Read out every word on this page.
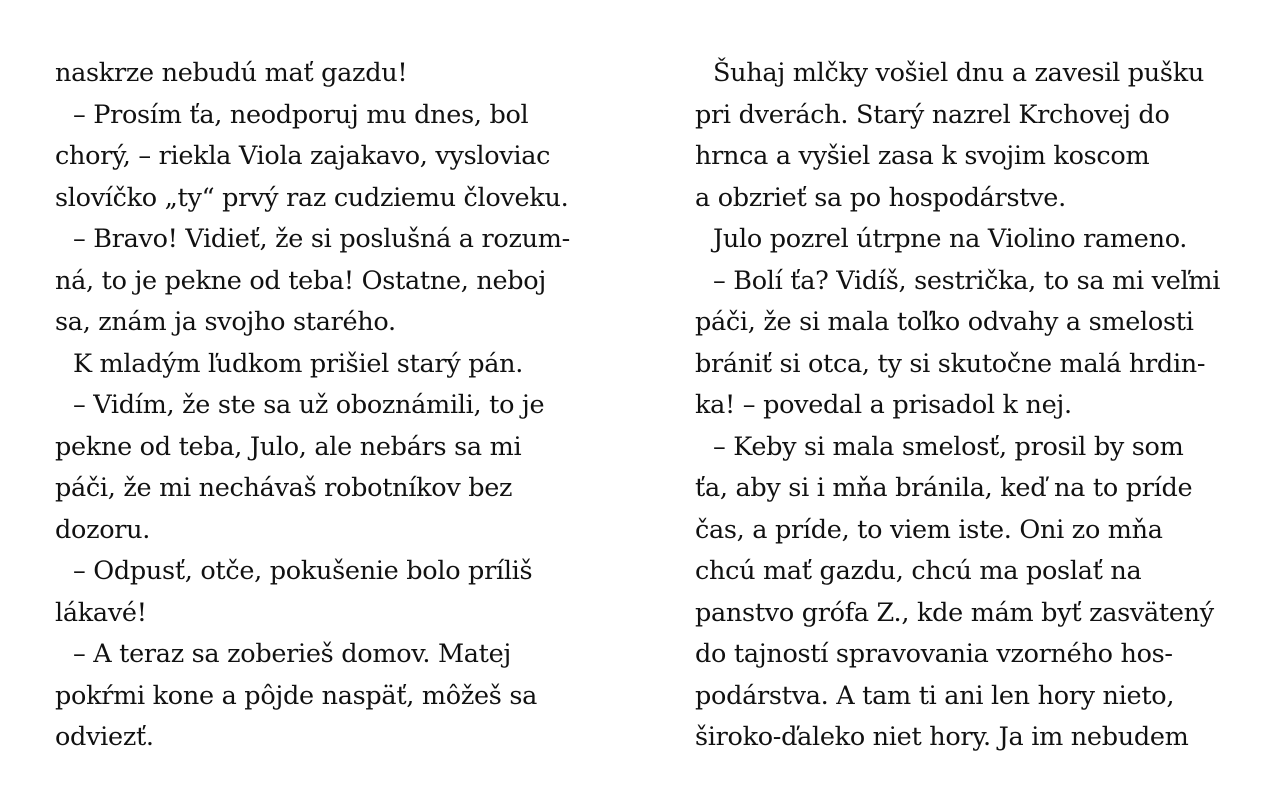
naskrze nebudú mať gazdu!
– Prosím ťa, neodporuj mu dnes, bol
chorý, – riekla Viola zajakavo, vysloviac
slovíčko „ty“ prvý raz cudziemu človeku.
– Bravo! Vidieť, že si poslušná a rozum-
ná, to je pekne od teba! Ostatne, neboj
sa, znám ja svojho starého.
K mladým ľudkom prišiel starý pán.
– Vidím, že ste sa už oboznámili, to je
pekne od teba, Julo, ale nebárs sa mi
páči, že mi nechávaš robotníkov bez
dozoru.
– Odpusť, otče, pokušenie bolo príliš
lákavé!
– A teraz sa zoberieš domov. Matej
pokŕmi kone a pôjde naspäť, môžeš sa
odviezť.
Šuhaj mlčky vošiel dnu a zavesil pušku
pri dverách. Starý nazrel Krchovej do
hrnca a vyšiel zasa k svojim koscom
a obzrieť sa po hospodárstve.
Julo pozrel útrpne na Violino rameno.
– Bolí ťa? Vidíš, sestrička, to sa mi veľmi
páči, že si mala toľko odvahy a smelosti
brániť si otca, ty si skutočne malá hrdin-
ka! – povedal a prisadol k nej.
– Keby si mala smelosť, prosil by som
ťa, aby si i mňa bránila, keď na to príde
čas, a príde, to viem iste. Oni zo mňa
chcú mať gazdu, chcú ma poslať na
panstvo grófa Z., kde mám byť zasvätený
do tajností spravovania vzorného hos-
podárstva. A tam ti ani len hory nieto,
široko-ďaleko niet hory. Ja im nebudem
